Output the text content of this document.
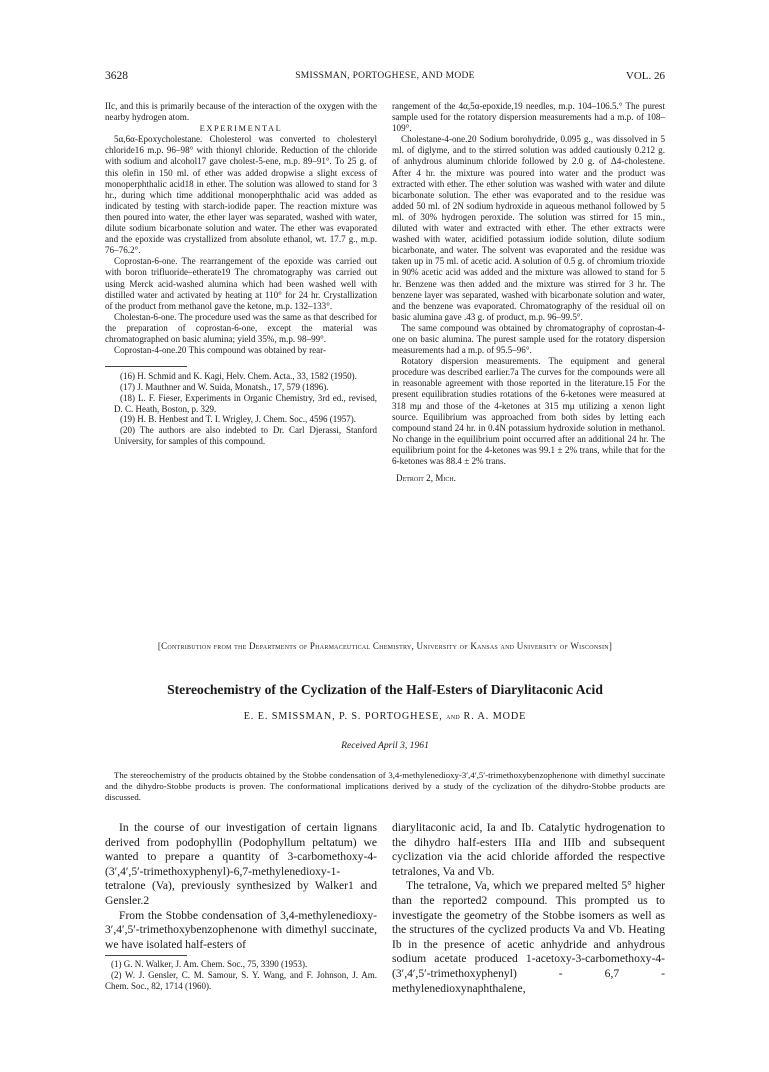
3628	SMISSMAN, PORTOGHESE, AND MODE	VOL. 26

IIc, and this is primarily because of the interaction of the oxygen with the nearby hydrogen atom.

EXPERIMENTAL

5α,6α-Epoxycholestane. Cholesterol was converted to cholesteryl chloride16 m.p. 96–98° with thionyl chloride. Reduction of the chloride with sodium and alcohol17 gave cholest-5-ene, m.p. 89–91°. To 25 g. of this olefin in 150 ml. of ether was added dropwise a slight excess of monoperphthalic acid18 in ether. The solution was allowed to stand for 3 hr., during which time additional monoperphthalic acid was added as indicated by testing with starch-iodide paper. The reaction mixture was then poured into water, the ether layer was separated, washed with water, dilute sodium bicarbonate solution and water. The ether was evaporated and the epoxide was crystallized from absolute ethanol, wt. 17.7 g., m.p. 76–76.2°.

Coprostan-6-one. The rearrangement of the epoxide was carried out with boron trifluoride–etherate19 The chromatography was carried out using Merck acid-washed alumina which had been washed well with distilled water and activated by heating at 110° for 24 hr. Crystallization of the product from methanol gave the ketone, m.p. 132–133°.

Cholestan-6-one. The procedure used was the same as that described for the preparation of coprostan-6-one, except the material was chromatographed on basic alumina; yield 35%, m.p. 98–99°.

Coprostan-4-one.20 This compound was obtained by rear-

(16) H. Schmid and K. Kagi, Helv. Chem. Acta., 33, 1582 (1950).

(17) J. Mauthner and W. Suida, Monatsh., 17, 579 (1896).

(18) L. F. Fieser, Experiments in Organic Chemistry, 3rd ed., revised, D. C. Heath, Boston, p. 329.

(19) H. B. Henbest and T. I. Wrigley, J. Chem. Soc., 4596 (1957).

(20) The authors are also indebted to Dr. Carl Djerassi, Stanford University, for samples of this compound.

rangement of the 4α,5α-epoxide,19 needles, m.p. 104–106.5.° The purest sample used for the rotatory dispersion measurements had a m.p. of 108–109°.

Cholestane-4-one.20 Sodium borohydride, 0.095 g., was dissolved in 5 ml. of diglyme, and to the stirred solution was added cautiously 0.212 g. of anhydrous aluminum chloride followed by 2.0 g. of Δ4-cholestene. After 4 hr. the mixture was poured into water and the product was extracted with ether. The ether solution was washed with water and dilute bicarbonate solution. The ether was evaporated and to the residue was added 50 ml. of 2N sodium hydroxide in aqueous methanol followed by 5 ml. of 30% hydrogen peroxide. The solution was stirred for 15 min., diluted with water and extracted with ether. The ether extracts were washed with water, acidified potassium iodide solution, dilute sodium bicarbonate, and water. The solvent was evaporated and the residue was taken up in 75 ml. of acetic acid. A solution of 0.5 g. of chromium trioxide in 90% acetic acid was added and the mixture was allowed to stand for 5 hr. Benzene was then added and the mixture was stirred for 3 hr. The benzene layer was separated, washed with bicarbonate solution and water, and the benzene was evaporated. Chromatography of the residual oil on basic alumina gave .43 g. of product, m.p. 96–99.5°.

The same compound was obtained by chromatography of coprostan-4-one on basic alumina. The purest sample used for the rotatory dispersion measurements had a m.p. of 95.5–96°.

Rotatory dispersion measurements. The equipment and general procedure was described earlier.7a The curves for the compounds were all in reasonable agreement with those reported in the literature.15 For the present equilibration studies rotations of the 6-ketones were measured at 318 mμ and those of the 4-ketones at 315 mμ utilizing a xenon light source. Equilibrium was approached from both sides by letting each compound stand 24 hr. in 0.4N potassium hydroxide solution in methanol. No change in the equilibrium point occurred after an additional 24 hr. The equilibrium point for the 4-ketones was 99.1 ± 2% trans, while that for the 6-ketones was 88.4 ± 2% trans.

Detroit 2, Mich.

[Contribution from the Departments of Pharmaceutical Chemistry, University of Kansas and University of Wisconsin]
Stereochemistry of the Cyclization of the Half-Esters of Diarylitaconic Acid
E. E. SMISSMAN, P. S. PORTOGHESE, and R. A. MODE
Received April 3, 1961

The stereochemistry of the products obtained by the Stobbe condensation of 3,4-methylenedioxy-3′,4′,5′-trimethoxybenzophenone with dimethyl succinate and the dihydro-Stobbe products is proven. The conformational implications derived by a study of the cyclization of the dihydro-Stobbe products are discussed.

In the course of our investigation of certain lignans derived from podophyllin (Podophyllum peltatum) we wanted to prepare a quantity of 3-carbomethoxy-4-(3′,4′,5′-trimethoxyphenyl)-6,7-methylenedioxy-1-tetralone (Va), previously synthesized by Walker1 and Gensler.2

From the Stobbe condensation of 3,4-methylenedioxy-3′,4′,5′-trimethoxybenzophenone with dimethyl succinate, we have isolated half-esters of

(1) G. N. Walker, J. Am. Chem. Soc., 75, 3390 (1953).

(2) W. J. Gensler, C. M. Samour, S. Y. Wang, and F. Johnson, J. Am. Chem. Soc., 82, 1714 (1960).

diarylitaconic acid, Ia and Ib. Catalytic hydrogenation to the dihydro half-esters IIIa and IIIb and subsequent cyclization via the acid chloride afforded the respective tetralones, Va and Vb.

The tetralone, Va, which we prepared melted 5° higher than the reported2 compound. This prompted us to investigate the geometry of the Stobbe isomers as well as the structures of the cyclized products Va and Vb. Heating Ib in the presence of acetic anhydride and anhydrous sodium acetate produced 1-acetoxy-3-carbomethoxy-4-(3′,4′,5′-trimethoxyphenyl) - 6,7 - methylenedioxynaphthalene,
